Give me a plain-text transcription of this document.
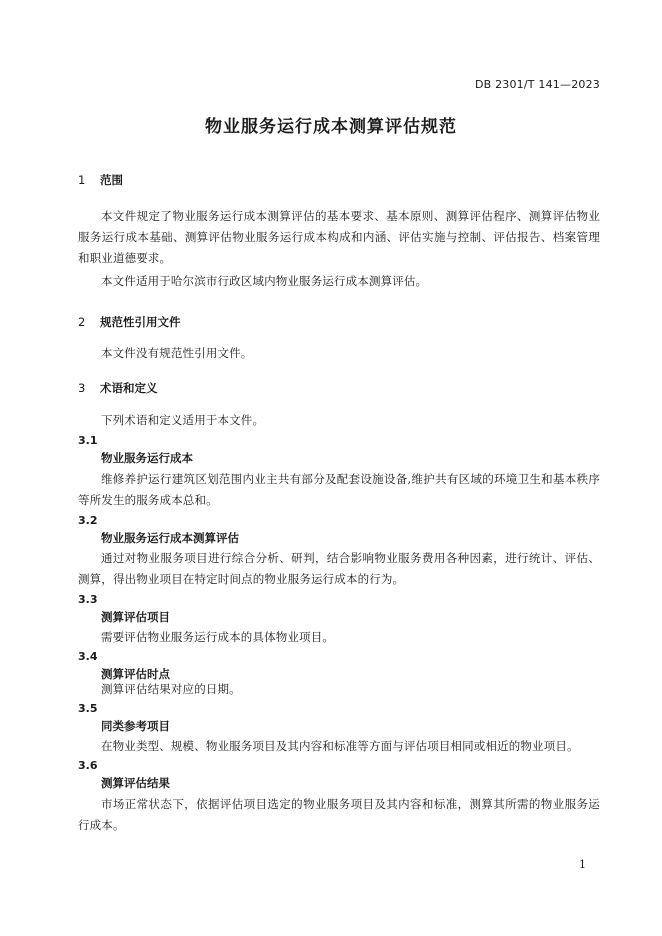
DB 2301/T 141—2023
物业服务运行成本测算评估规范
1 范围
本文件规定了物业服务运行成本测算评估的基本要求、基本原则、测算评估程序、测算评估物业服务运行成本基础、测算评估物业服务运行成本构成和内涵、评估实施与控制、评估报告、档案管理和职业道德要求。
本文件适用于哈尔滨市行政区域内物业服务运行成本测算评估。
2 规范性引用文件
本文件没有规范性引用文件。
3 术语和定义
下列术语和定义适用于本文件。
3.1
物业服务运行成本
维修养护运行建筑区划范围内业主共有部分及配套设施设备,维护共有区域的环境卫生和基本秩序等所发生的服务成本总和。
3.2
物业服务运行成本测算评估
通过对物业服务项目进行综合分析、研判，结合影响物业服务费用各种因素，进行统计、评估、测算，得出物业项目在特定时间点的物业服务运行成本的行为。
3.3
测算评估项目
需要评估物业服务运行成本的具体物业项目。
3.4
测算评估时点
测算评估结果对应的日期。
3.5
同类参考项目
在物业类型、规模、物业服务项目及其内容和标准等方面与评估项目相同或相近的物业项目。
3.6
测算评估结果
市场正常状态下，依据评估项目选定的物业服务项目及其内容和标准，测算其所需的物业服务运行成本。
1
